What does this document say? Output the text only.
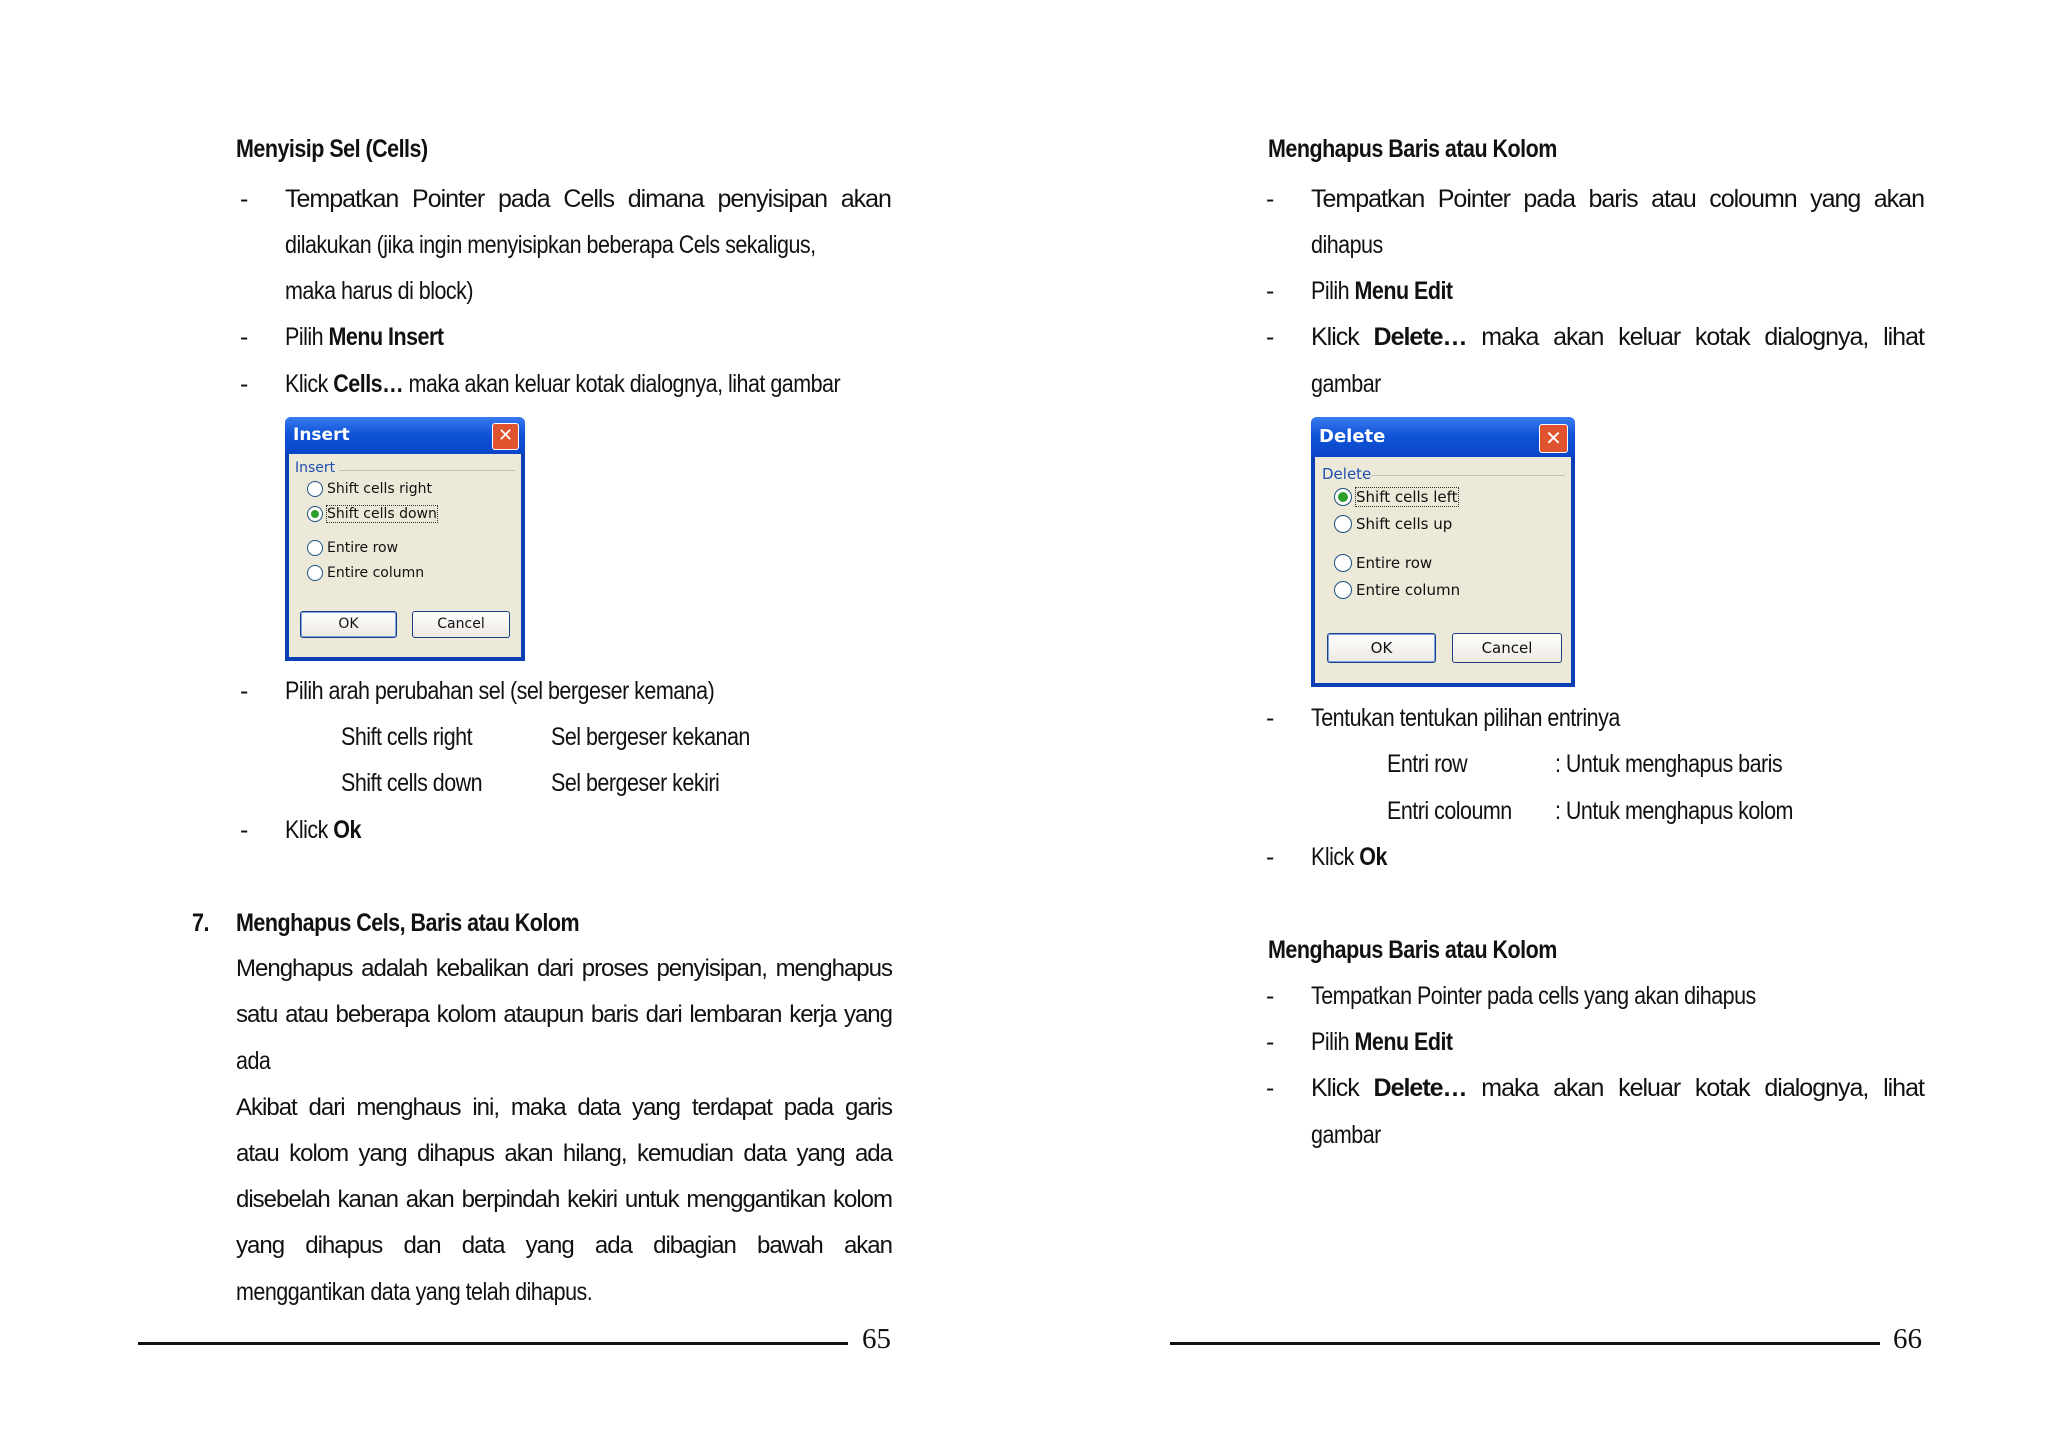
Menyisip Sel (Cells)
- Tempatkan Pointer pada Cells dimana penyisipan akan
dilakukan (jika ingin menyisipkan beberapa Cels sekaligus,
maka harus di block)
- Pilih Menu Insert
- Klick Cells… maka akan keluar kotak dialognya, lihat gambar
Insert	✕
Insert
Shift cells right
Shift cells down
Entire row
Entire column
OK	Cancel
- Pilih arah perubahan sel (sel bergeser kemana)
Shift cells right	Sel bergeser kekanan
Shift cells down	Sel bergeser kekiri
- Klick Ok
7. Menghapus Cels, Baris atau Kolom
Menghapus adalah kebalikan dari proses penyisipan, menghapus
satu atau beberapa kolom ataupun baris dari lembaran kerja yang
ada
Akibat dari menghaus ini, maka data yang terdapat pada garis
atau kolom yang dihapus akan hilang, kemudian data yang ada
disebelah kanan akan berpindah kekiri untuk menggantikan kolom
yang dihapus dan data yang ada dibagian bawah akan
menggantikan data yang telah dihapus.
65
Menghapus Baris atau Kolom
- Tempatkan Pointer pada baris atau coloumn yang akan
dihapus
- Pilih Menu Edit
- Klick Delete… maka akan keluar kotak dialognya, lihat
gambar
Delete	✕
Delete
Shift cells left
Shift cells up
Entire row
Entire column
OK	Cancel
- Tentukan tentukan pilihan entrinya
Entri row	: Untuk menghapus baris
Entri coloumn : Untuk menghapus kolom
- Klick Ok
Menghapus Baris atau Kolom
- Tempatkan Pointer pada cells yang akan dihapus
- Pilih Menu Edit
- Klick Delete… maka akan keluar kotak dialognya, lihat
gambar
66
